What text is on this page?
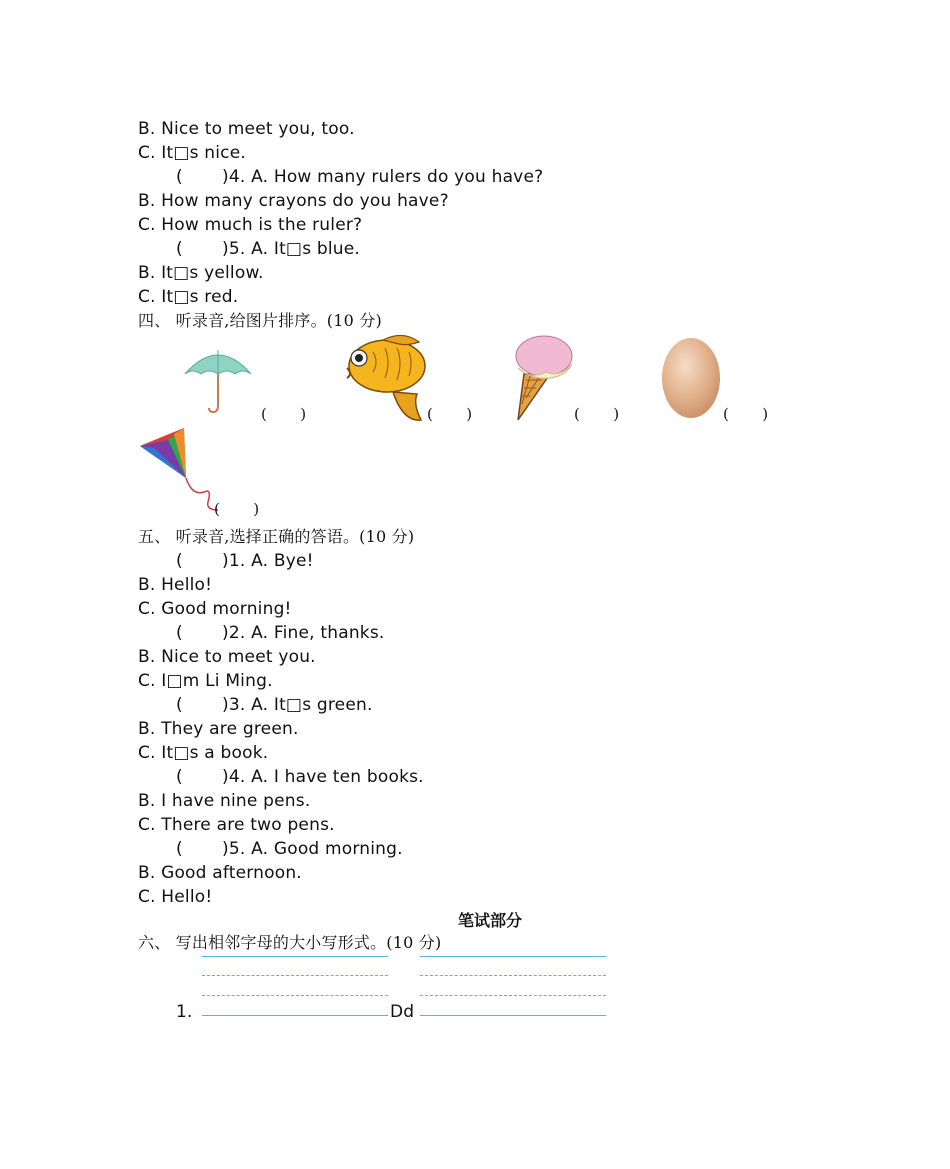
B. Nice to meet you, too.
C. It□s nice.
(       )4. A. How many rulers do you have?
B. How many crayons do you have?
C. How much is the ruler?
(       )5. A. It□s blue.
B. It□s yellow.
C. It□s red.
四、 听录音,给图片排序。(10 分)
(       )	(       )	(       )	(       )
(       )
五、 听录音,选择正确的答语。(10 分)
(       )1. A. Bye!
B. Hello!
C. Good morning!
(       )2. A. Fine, thanks.
B. Nice to meet you.
C. I□m Li Ming.
(       )3. A. It□s green.
B. They are green.
C. It□s a book.
(       )4. A. I have ten books.
B. I have nine pens.
C. There are two pens.
(       )5. A. Good morning.
B. Good afternoon.
C. Hello!
笔试部分
六、 写出相邻字母的大小写形式。(10 分)
1.	Dd
